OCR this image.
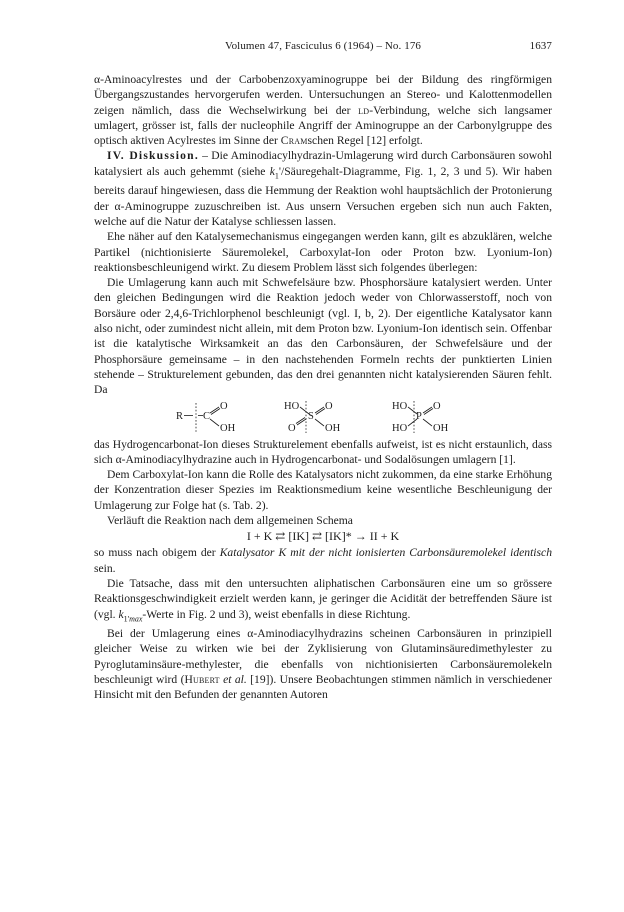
Volumen 47, Fasciculus 6 (1964) – No. 176	1637

α-Aminoacylrestes und der Carbobenzoxyaminogruppe bei der Bildung des ringförmigen Übergangszustandes hervorgerufen werden. Untersuchungen an Stereo- und Kalottenmodellen zeigen nämlich, dass die Wechselwirkung bei der ld-Verbindung, welche sich langsamer umlagert, grösser ist, falls der nucleophile Angriff der Aminogruppe an der Carbonylgruppe des optisch aktiven Acylrestes im Sinne der Cramschen Regel [12] erfolgt.

IV. Diskussion. – Die Aminodiacylhydrazin-Umlagerung wird durch Carbonsäuren sowohl katalysiert als auch gehemmt (siehe $k_1'/Säuregehalt$-Diagramme, Fig. 1, 2, 3 und 5). Wir haben bereits darauf hingewiesen, dass die Hemmung der Reaktion wohl hauptsächlich der Protonierung der α-Aminogruppe zuzuschreiben ist. Aus unsern Versuchen ergeben sich nun auch Fakten, welche auf die Natur der Katalyse schliessen lassen.

Ehe näher auf den Katalysemechanismus eingegangen werden kann, gilt es abzuklären, welche Partikel (nichtionisierte Säuremolekel, Carboxylat-Ion oder Proton bzw. Lyonium-Ion) reaktionsbeschleunigend wirkt. Zu diesem Problem lässt sich folgendes überlegen:

Die Umlagerung kann auch mit Schwefelsäure bzw. Phosphorsäure katalysiert werden. Unter den gleichen Bedingungen wird die Reaktion jedoch weder von Chlorwasserstoff, noch von Borsäure oder 2,4,6-Trichlorphenol beschleunigt (vgl. I, b, 2). Der eigentliche Katalysator kann also nicht, oder zumindest nicht allein, mit dem Proton bzw. Lyonium-Ion identisch sein. Offenbar ist die katalytische Wirksamkeit an das den Carbonsäuren, der Schwefelsäure und der Phosphorsäure gemeinsame – in den nachstehenden Formeln rechts der punktierten Linien stehende – Strukturelement gebunden, das den drei genannten nicht katalysierenden Säuren fehlt. Da

R C
O
OH
HO
S
O
O	OH
HO
P
O
HO OH

das Hydrogencarbonat-Ion dieses Strukturelement ebenfalls aufweist, ist es nicht erstaunlich, dass sich α-Aminodiacylhydrazine auch in Hydrogencarbonat- und Sodalösungen umlagern [1].

Dem Carboxylat-Ion kann die Rolle des Katalysators nicht zukommen, da eine starke Erhöhung der Konzentration dieser Spezies im Reaktionsmedium keine wesentliche Beschleunigung der Umlagerung zur Folge hat (s. Tab. 2).

Verläuft die Reaktion nach dem allgemeinen Schema

I + K ⇄ [IK] ⇄ [IK]* → II + K

so muss nach obigem der Katalysator K mit der nicht ionisierten Carbonsäuremolekel identisch sein.

Die Tatsache, dass mit den untersuchten aliphatischen Carbonsäuren eine um so grössere Reaktionsgeschwindigkeit erzielt werden kann, je geringer die Acidität der betreffenden Säure ist (vgl. $k_{1'max}$-Werte in Fig. 2 und 3), weist ebenfalls in diese Richtung.

Bei der Umlagerung eines α-Aminodiacylhydrazins scheinen Carbonsäuren in prinzipiell gleicher Weise zu wirken wie bei der Zyklisierung von Glutaminsäuredimethylester zu Pyroglutaminsäure-methylester, die ebenfalls von nichtionisierten Carbonsäuremolekeln beschleunigt wird (Hubert et al. [19]). Unsere Beobachtungen stimmen nämlich in verschiedener Hinsicht mit den Befunden der genannten Autoren
